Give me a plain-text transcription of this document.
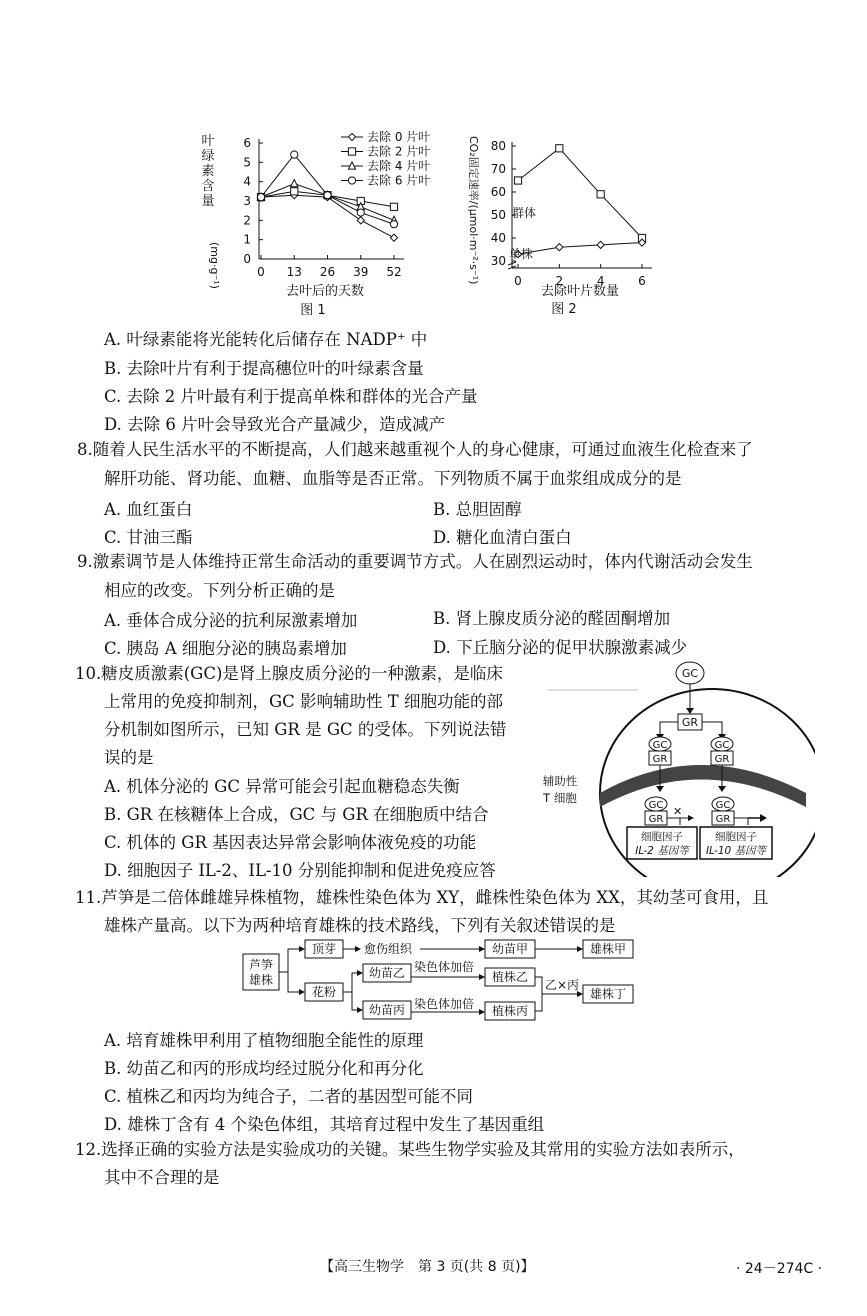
叶
绿
素
含
量
(mg·g⁻¹) 0
1
2
3
4
5
6
0 13 26 39 52
去除 0 片叶
去除 2 片叶
去除 4 片叶
去除 6 片叶
去叶后的天数
图 1
CO₂固定速率/(μmol·m⁻²·s⁻¹) 30
40
50
60
70
80
0	2	4	6
群体
单株
去除叶片数量
图 2
A. 叶绿素能将光能转化后储存在 NADP⁺ 中
B. 去除叶片有利于提高穗位叶的叶绿素含量
C. 去除 2 片叶最有利于提高单株和群体的光合产量
D. 去除 6 片叶会导致光合产量减少，造成减产
8.随着人民生活水平的不断提高，人们越来越重视个人的身心健康，可通过血液生化检查来了
解肝功能、肾功能、血糖、血脂等是否正常。下列物质不属于血浆组成成分的是
A. 血红蛋白	B. 总胆固醇
C. 甘油三酯	D. 糖化血清白蛋白
9.激素调节是人体维持正常生命活动的重要调节方式。人在剧烈运动时，体内代谢活动会发生
相应的改变。下列分析正确的是
A. 垂体合成分泌的抗利尿激素增加	B. 肾上腺皮质分泌的醛固酮增加
C. 胰岛 A 细胞分泌的胰岛素增加	D. 下丘脑分泌的促甲状腺激素减少
10.糖皮质激素(GC)是肾上腺皮质分泌的一种激素，是临床
上常用的免疫抑制剂，GC 影响辅助性 T 细胞功能的部
分机制如图所示，已知 GR 是 GC 的受体。下列说法错
误的是
A. 机体分泌的 GC 异常可能会引起血糖稳态失衡
B. GR 在核糖体上合成，GC 与 GR 在细胞质中结合
C. 机体的 GR 基因表达异常会影响体液免疫的功能
D. 细胞因子 IL-2、IL-10 分别能抑制和促进免疫应答
GC
GR
GC
GR
GC
GR
GC
GR
GC
GR
✕
细胞因子
IL-2 基因等
细胞因子
IL-10 基因等
辅助性
T 细胞
11.芦笋是二倍体雌雄异株植物，雄株性染色体为 XY，雌株性染色体为 XX，其幼茎可食用，且
雄株产量高。以下为两种培育雄株的技术路线，下列有关叙述错误的是
芦笋
雄株
顶芽 愈伤组织	幼苗甲	雄株甲
花粉
幼苗乙
幼苗丙
染色体加倍
染色体加倍
植株乙
植株丙
乙×丙
雄株丁
A. 培育雄株甲利用了植物细胞全能性的原理
B. 幼苗乙和丙的形成均经过脱分化和再分化
C. 植株乙和丙均为纯合子，二者的基因型可能不同
D. 雄株丁含有 4 个染色体组，其培育过程中发生了基因重组
12.选择正确的实验方法是实验成功的关键。某些生物学实验及其常用的实验方法如表所示，
其中不合理的是
【高三生物学　第 3 页(共 8 页)】	· 24－274C ·
